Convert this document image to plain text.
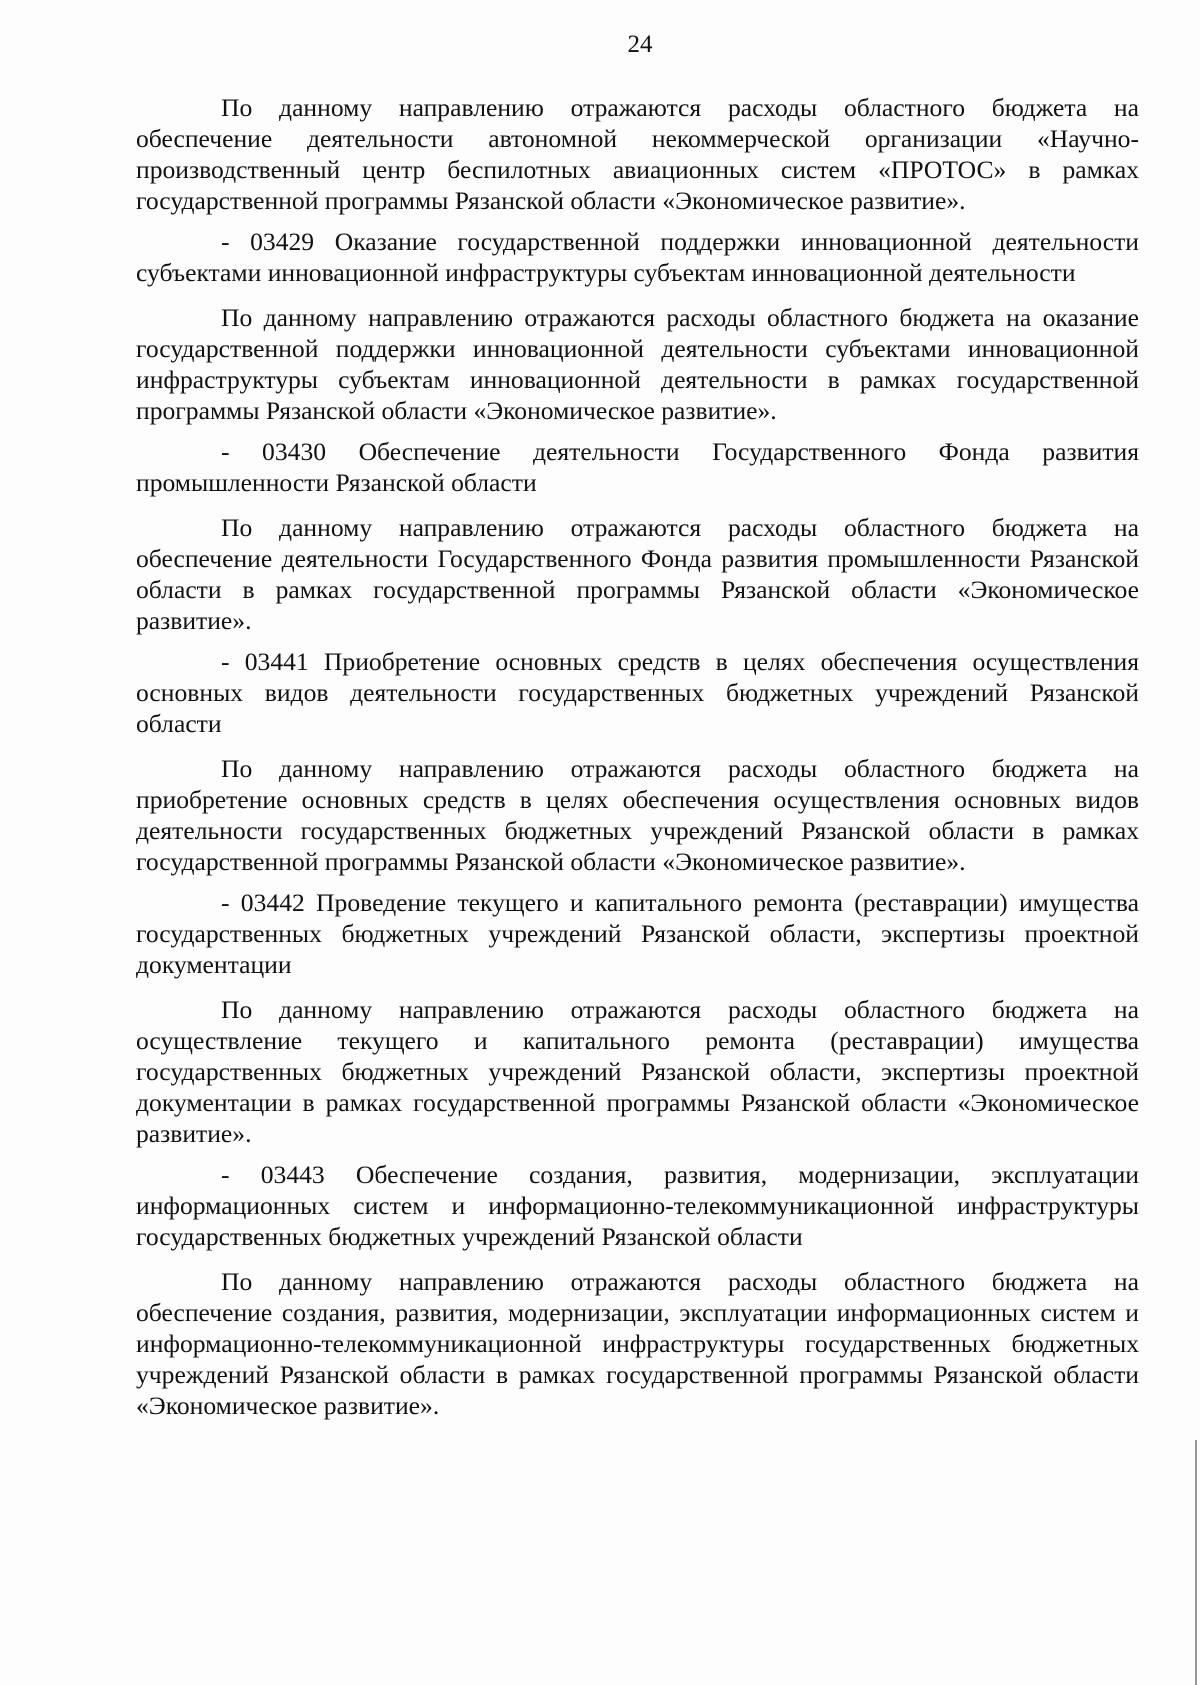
24

По данному направлению отражаются расходы областного бюджета на обеспечение деятельности автономной некоммерческой организации «Научно-производственный центр беспилотных авиационных систем «ПРОТОС» в рамках государственной программы Рязанской области «Экономическое развитие».

- 03429 Оказание государственной поддержки инновационной деятельности субъектами инновационной инфраструктуры субъектам инновационной деятельности

По данному направлению отражаются расходы областного бюджета на оказание государственной поддержки инновационной деятельности субъектами инновационной инфраструктуры субъектам инновационной деятельности в рамках государственной программы Рязанской области «Экономическое развитие».

- 03430 Обеспечение деятельности Государственного Фонда развития промышленности Рязанской области

По данному направлению отражаются расходы областного бюджета на обеспечение деятельности Государственного Фонда развития промышленности Рязанской области в рамках государственной программы Рязанской области «Экономическое развитие».

- 03441 Приобретение основных средств в целях обеспечения осуществления основных видов деятельности государственных бюджетных учреждений Рязанской области

По данному направлению отражаются расходы областного бюджета на приобретение основных средств в целях обеспечения осуществления основных видов деятельности государственных бюджетных учреждений Рязанской области в рамках государственной программы Рязанской области «Экономическое развитие».

- 03442 Проведение текущего и капитального ремонта (реставрации) имущества государственных бюджетных учреждений Рязанской области, экспертизы проектной документации

По данному направлению отражаются расходы областного бюджета на осуществление текущего и капитального ремонта (реставрации) имущества государственных бюджетных учреждений Рязанской области, экспертизы проектной документации в рамках государственной программы Рязанской области «Экономическое развитие».

- 03443 Обеспечение создания, развития, модернизации, эксплуатации информационных систем и информационно-телекоммуникационной инфраструктуры государственных бюджетных учреждений Рязанской области

По данному направлению отражаются расходы областного бюджета на обеспечение создания, развития, модернизации, эксплуатации информационных систем и информационно-телекоммуникационной инфраструктуры государственных бюджетных учреждений Рязанской области в рамках государственной программы Рязанской области «Экономическое развитие».
